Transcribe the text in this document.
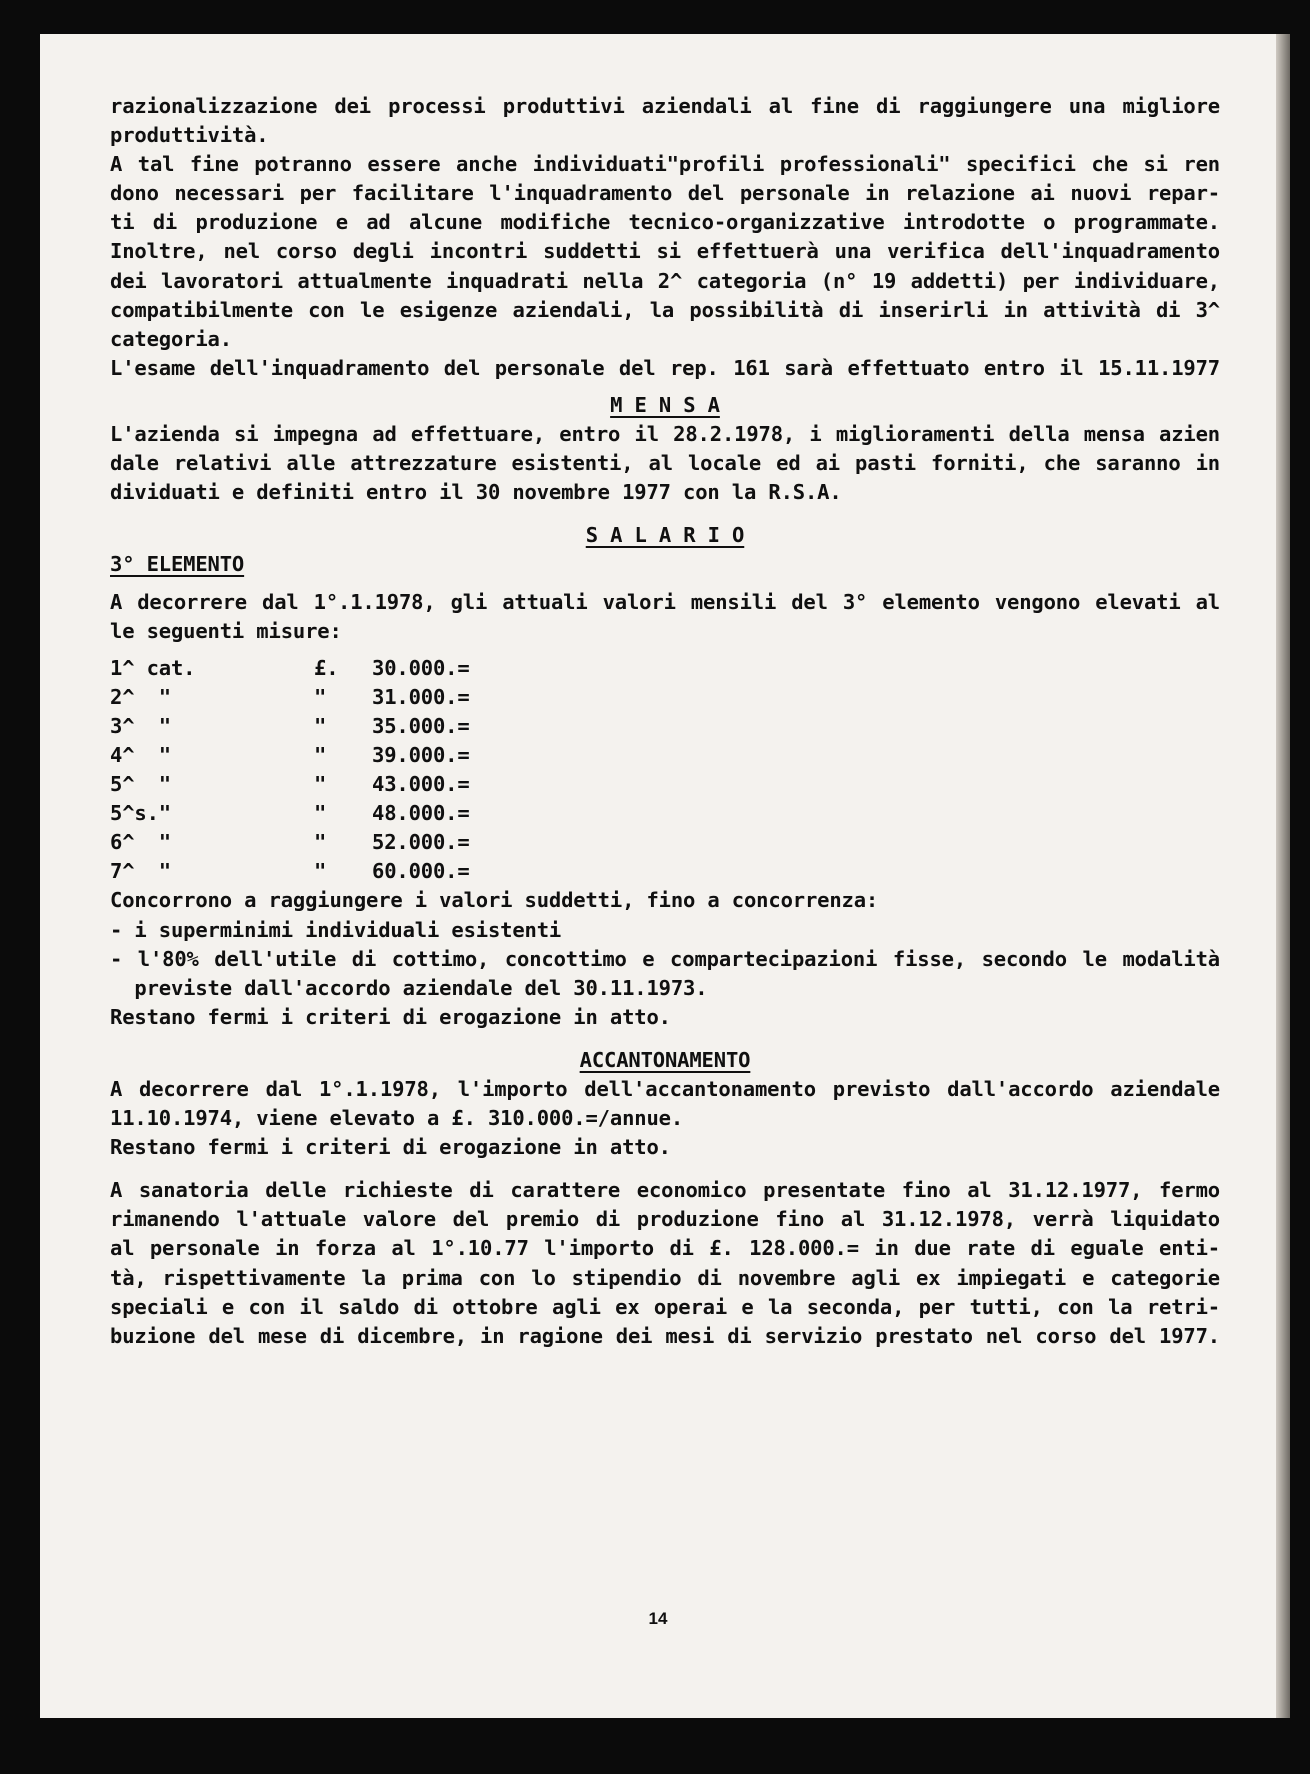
razionalizzazione dei processi produttivi aziendali al fine di raggiungere una migliore
produttività.
A tal fine potranno essere anche individuati"profili professionali" specifici che si ren
dono necessari per facilitare l'inquadramento del personale in relazione ai nuovi repar-
ti di produzione e ad alcune modifiche tecnico-organizzative introdotte o programmate.
Inoltre, nel corso degli incontri suddetti si effettuerà una verifica dell'inquadramento
dei lavoratori attualmente inquadrati nella 2^ categoria (n° 19 addetti) per individuare,
compatibilmente con le esigenze aziendali, la possibilità di inserirli in attività di 3^
categoria.
L'esame dell'inquadramento del personale del rep. 161 sarà effettuato entro il 15.11.1977
M E N S A
L'azienda si impegna ad effettuare, entro il 28.2.1978, i miglioramenti della mensa azien
dale relativi alle attrezzature esistenti, al locale ed ai pasti forniti, che saranno in
dividuati e definiti entro il 30 novembre 1977 con la R.S.A.
S A L A R I O
3° ELEMENTO
A decorrere dal 1°.1.1978, gli attuali valori mensili del 3° elemento vengono elevati al
le seguenti misure:
1^ cat.	£.	30.000.=
2^  "	"	31.000.=
3^  "	"	35.000.=
4^  "	"	39.000.=
5^  "	"	43.000.=
5^s."	"	48.000.=
6^  "	"	52.000.=
7^  "	"	60.000.=
Concorrono a raggiungere i valori suddetti, fino a concorrenza:
- i superminimi individuali esistenti
- l'80% dell'utile di cottimo, concottimo e compartecipazioni fisse, secondo le modalità
previste dall'accordo aziendale del 30.11.1973.
Restano fermi i criteri di erogazione in atto.
ACCANTONAMENTO
A decorrere dal 1°.1.1978, l'importo dell'accantonamento previsto dall'accordo aziendale
11.10.1974, viene elevato a £. 310.000.=/annue.
Restano fermi i criteri di erogazione in atto.
A sanatoria delle richieste di carattere economico presentate fino al 31.12.1977, fermo
rimanendo l'attuale valore del premio di produzione fino al 31.12.1978, verrà liquidato
al personale in forza al 1°.10.77 l'importo di £. 128.000.= in due rate di eguale enti-
tà, rispettivamente la prima con lo stipendio di novembre agli ex impiegati e categorie
speciali e con il saldo di ottobre agli ex operai e la seconda, per tutti, con la retri-
buzione del mese di dicembre, in ragione dei mesi di servizio prestato nel corso del 1977.
14
